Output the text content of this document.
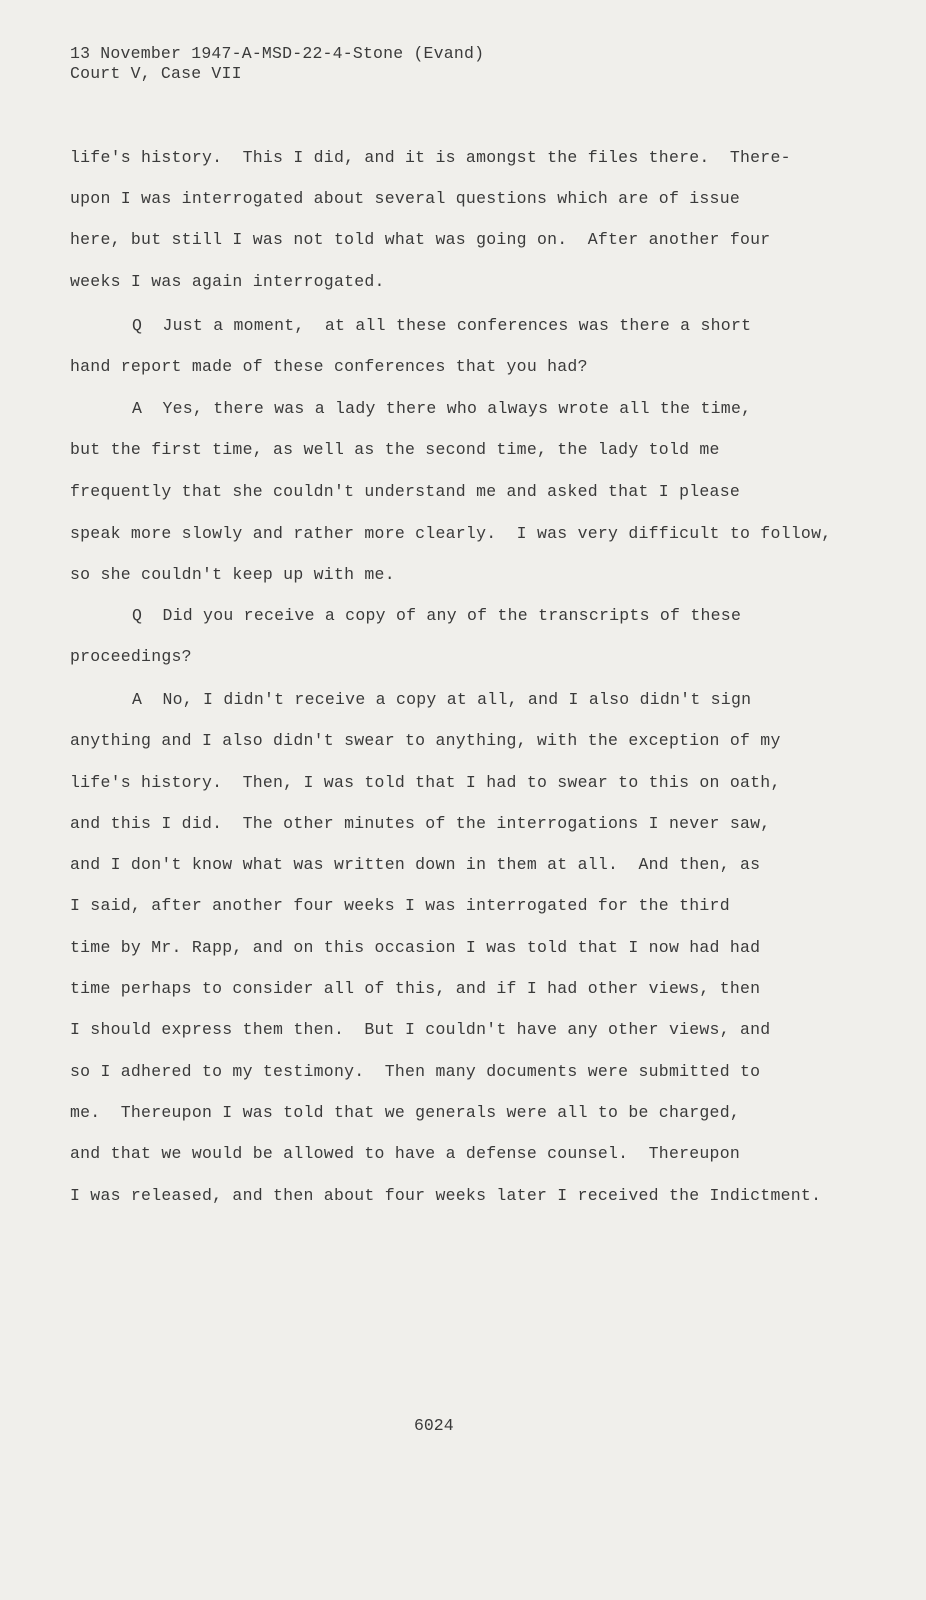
13 November 1947-A-MSD-22-4-Stone (Evand)
Court V, Case VII
life's history.  This I did, and it is amongst the files there.  There-
upon I was interrogated about several questions which are of issue
here, but still I was not told what was going on.  After another four
weeks I was again interrogated.
Q  Just a moment,  at all these conferences was there a short
hand report made of these conferences that you had?
A  Yes, there was a lady there who always wrote all the time,
but the first time, as well as the second time, the lady told me
frequently that she couldn't understand me and asked that I please
speak more slowly and rather more clearly.  I was very difficult to follow,
so she couldn't keep up with me.
Q  Did you receive a copy of any of the transcripts of these
proceedings?
A  No, I didn't receive a copy at all, and I also didn't sign
anything and I also didn't swear to anything, with the exception of my
life's history.  Then, I was told that I had to swear to this on oath,
and this I did.  The other minutes of the interrogations I never saw,
and I don't know what was written down in them at all.  And then, as
I said, after another four weeks I was interrogated for the third
time by Mr. Rapp, and on this occasion I was told that I now had had
time perhaps to consider all of this, and if I had other views, then
I should express them then.  But I couldn't have any other views, and
so I adhered to my testimony.  Then many documents were submitted to
me.  Thereupon I was told that we generals were all to be charged,
and that we would be allowed to have a defense counsel.  Thereupon
I was released, and then about four weeks later I received the Indictment.
6024
